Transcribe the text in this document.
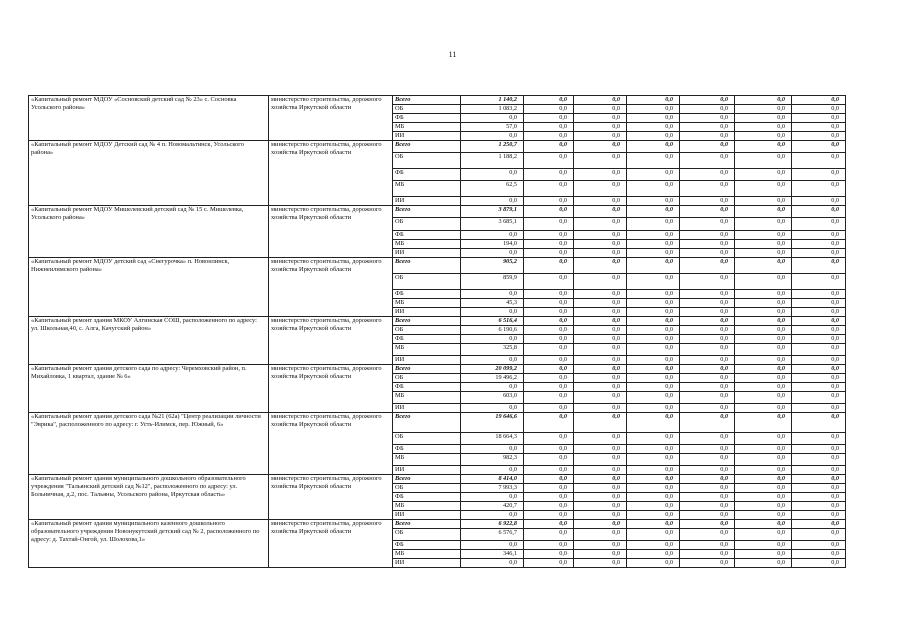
11
«Капитальный ремонт МДОУ «Сосновский детский сад № 23» с. Сосновка Усольского района»	министерство строительства, дорожного хозяйства Иркутской области	Всего	1 140,2	0,0	0,0	0,0	0,0	0,0	0,0	
		ОБ	1 083,2	0,0	0,0	0,0	0,0	0,0	0,0	
		ФБ	0,0	0,0	0,0	0,0	0,0	0,0	0,0	
		МБ	57,0	0,0	0,0	0,0	0,0	0,0	0,0	
		ИИ	0,0	0,0	0,0	0,0	0,0	0,0	0,0	
«Капитальный ремонт МДОУ Детский сад № 4 п. Новомальтинск, Усольского района»	министерство строительства, дорожного хозяйства Иркутской области	Всего	1 250,7	0,0	0,0	0,0	0,0	0,0	0,0	
		ОБ	1 188,2	0,0	0,0	0,0	0,0	0,0	0,0	
		ФБ	0,0	0,0	0,0	0,0	0,0	0,0	0,0	
		МБ	62,5	0,0	0,0	0,0	0,0	0,0	0,0	
		ИИ	0,0	0,0	0,0	0,0	0,0	0,0	0,0	
«Капитальный ремонт МДОУ Мишелевский детский сад № 15 с. Мишелевка, Усольского района»	министерство строительства, дорожного хозяйства Иркутской области	Всего	3 879,1	0,0	0,0	0,0	0,0	0,0	0,0	
		ОБ	3 685,1	0,0	0,0	0,0	0,0	0,0	0,0	
		ФБ	0,0	0,0	0,0	0,0	0,0	0,0	0,0	
		МБ	194,0	0,0	0,0	0,0	0,0	0,0	0,0	
		ИИ	0,0	0,0	0,0	0,0	0,0	0,0	0,0	
«Капитальный ремонт МДОУ детский сад «Снегурочка» п. Новонлинск, Нижнеилимского района»	министерство строительства, дорожного хозяйства Иркутской области	Всего	905,2	0,0	0,0	0,0	0,0	0,0	0,0	
		ОБ	859,9	0,0	0,0	0,0	0,0	0,0	0,0	
		ФБ	0,0	0,0	0,0	0,0	0,0	0,0	0,0	
		МБ	45,3	0,0	0,0	0,0	0,0	0,0	0,0	
		ИИ	0,0	0,0	0,0	0,0	0,0	0,0	0,0	
«Капитальный ремонт здания МКОУ Алгинская СОШ, расположенного по адресу: ул. Школьная,40, с. Алга, Качугский район»	министерство строительства, дорожного хозяйства Иркутской области	Всего	6 516,4	0,0	0,0	0,0	0,0	0,0	0,0	
		ОБ	6 190,6	0,0	0,0	0,0	0,0	0,0	0,0	
		ФБ	0,0	0,0	0,0	0,0	0,0	0,0	0,0	
		МБ	325,8	0,0	0,0	0,0	0,0	0,0	0,0	
		ИИ	0,0	0,0	0,0	0,0	0,0	0,0	0,0	
«Капитальный ремонт здания детского сада по адресу: Черемховский район, п. Михайловка, 1 квартал, здание № 6»	министерство строительства, дорожного хозяйства Иркутской области	Всего	20 099,2	0,0	0,0	0,0	0,0	0,0	0,0	
		ОБ	19 496,2	0,0	0,0	0,0	0,0	0,0	0,0	
		ФБ	0,0	0,0	0,0	0,0	0,0	0,0	0,0	
		МБ	603,0	0,0	0,0	0,0	0,0	0,0	0,0	
		ИИ	0,0	0,0	0,0	0,0	0,0	0,0	0,0	
«Капитальный ремонт здания детского сада №21 (62а) "Центр реализации личности "Эврика", расположенного по адресу: г. Усть-Илимск, пер. Южный, 6»	министерство строительства, дорожного хозяйства Иркутской области	Всего	19 646,6	0,0	0,0	0,0	0,0	0,0	0,0	
		ОБ	18 664,3	0,0	0,0	0,0	0,0	0,0	0,0	
		ФБ	0,0	0,0	0,0	0,0	0,0	0,0	0,0	
		МБ	982,3	0,0	0,0	0,0	0,0	0,0	0,0	
		ИИ	0,0	0,0	0,0	0,0	0,0	0,0	0,0	
«Капитальный ремонт здания муниципального дошкольного образовательного учреждения "Тальянский детский сад №12", расположенного по адресу: ул. Больничная, д.2, пос. Тальяны, Усольского района, Иркутская область»	министерство строительства, дорожного хозяйства Иркутской области	Всего	8 414,0	0,0	0,0	0,0	0,0	0,0	0,0	
		ОБ	7 993,3	0,0	0,0	0,0	0,0	0,0	0,0	
		ФБ	0,0	0,0	0,0	0,0	0,0	0,0	0,0	
		МБ	420,7	0,0	0,0	0,0	0,0	0,0	0,0	
		ИИ	0,0	0,0	0,0	0,0	0,0	0,0	0,0	
«Капитальный ремонт здания муниципального казенного дошкольного образовательного учреждения Новонукутский детский сад № 2, расположенного по адресу: д. Тахтай-Онгой, ул. Шолохова,1»	министерство строительства, дорожного хозяйства Иркутской области	Всего	6 922,8	0,0	0,0	0,0	0,0	0,0	0,0	
		ОБ	6 576,7	0,0	0,0	0,0	0,0	0,0	0,0	
		ФБ	0,0	0,0	0,0	0,0	0,0	0,0	0,0	
		МБ	346,1	0,0	0,0	0,0	0,0	0,0	0,0	
		ИИ	0,0	0,0	0,0	0,0	0,0	0,0	0,0	
